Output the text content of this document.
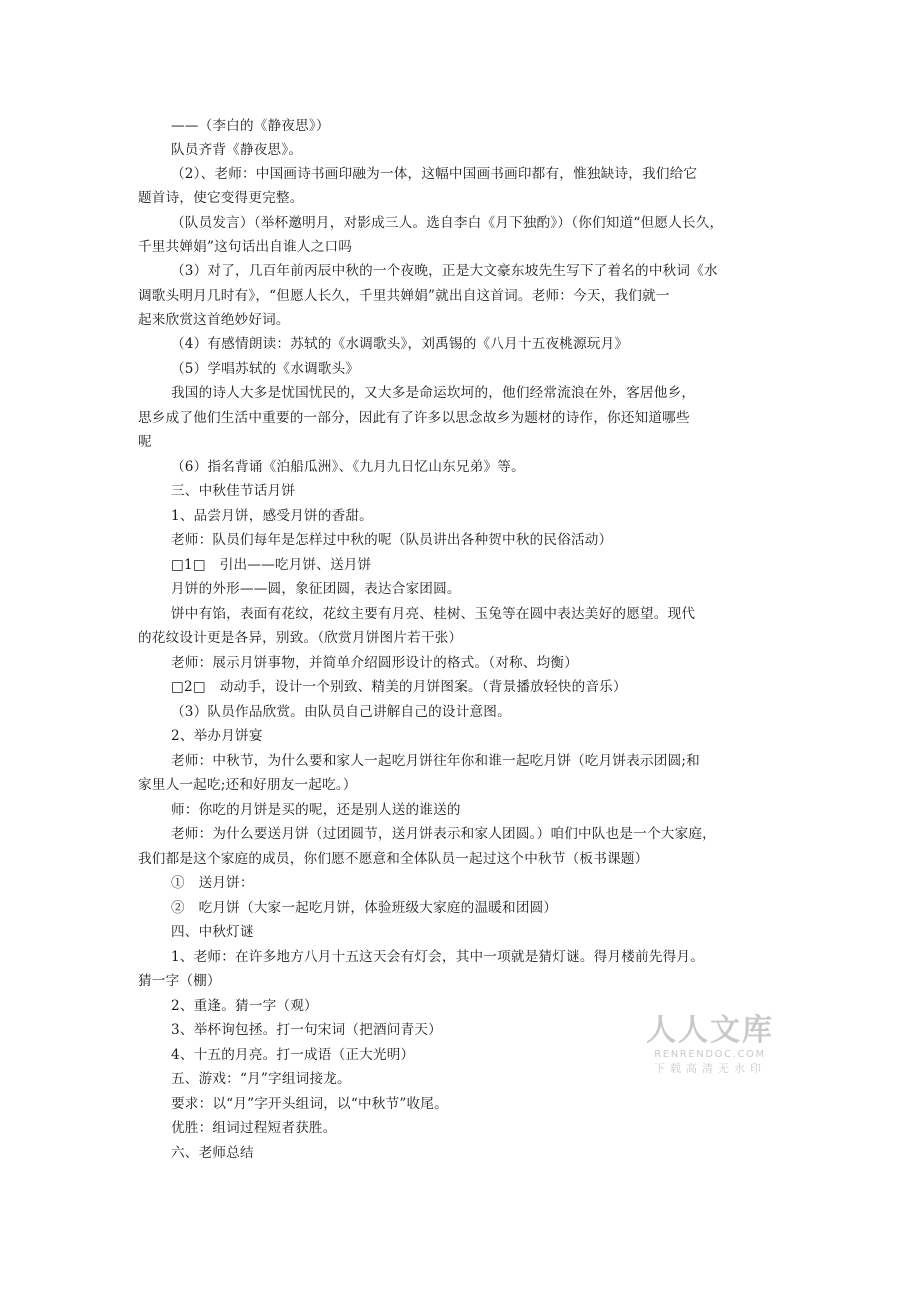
——（李白的《静夜思》）
队员齐背《静夜思》。
（2）、老师：中国画诗书画印融为一体，这幅中国画书画印都有，惟独缺诗，我们给它
题首诗，使它变得更完整。
（队员发言）（举杯邀明月，对影成三人。选自李白《月下独酌》）（你们知道“但愿人长久，
千里共婵娟”这句话出自谁人之口吗
（3）对了，几百年前丙辰中秋的一个夜晚，正是大文豪东坡先生写下了着名的中秋词《水
调歌头明月几时有》，“但愿人长久，千里共婵娟”就出自这首词。老师：今天，我们就一
起来欣赏这首绝妙好词。
（4）有感情朗读：苏轼的《水调歌头》，刘禹锡的《八月十五夜桃源玩月》
（5）学唱苏轼的《水调歌头》
我国的诗人大多是忧国忧民的，又大多是命运坎坷的，他们经常流浪在外，客居他乡，
思乡成了他们生活中重要的一部分，因此有了许多以思念故乡为题材的诗作，你还知道哪些
呢
（6）指名背诵《泊船瓜洲》、《九月九日忆山东兄弟》等。
三、中秋佳节话月饼
1、品尝月饼，感受月饼的香甜。
老师：队员们每年是怎样过中秋的呢（队员讲出各种贺中秋的民俗活动）
□1□　引出——吃月饼、送月饼
月饼的外形——圆，象征团圆，表达合家团圆。
饼中有馅，表面有花纹，花纹主要有月亮、桂树、玉兔等在圆中表达美好的愿望。现代
的花纹设计更是各异，别致。（欣赏月饼图片若干张）
老师：展示月饼事物，并简单介绍圆形设计的格式。（对称、均衡）
□2□　动动手，设计一个别致、精美的月饼图案。（背景播放轻快的音乐）
（3）队员作品欣赏。由队员自己讲解自己的设计意图。
2、举办月饼宴
老师：中秋节，为什么要和家人一起吃月饼往年你和谁一起吃月饼（吃月饼表示团圆;和
家里人一起吃;还和好朋友一起吃。）
师：你吃的月饼是买的呢，还是别人送的谁送的
老师：为什么要送月饼（过团圆节，送月饼表示和家人团圆。）咱们中队也是一个大家庭，
我们都是这个家庭的成员，你们愿不愿意和全体队员一起过这个中秋节（板书课题）
①　送月饼：
②　吃月饼（大家一起吃月饼，体验班级大家庭的温暖和团圆）
四、中秋灯谜
1、老师：在许多地方八月十五这天会有灯会，其中一项就是猜灯谜。得月楼前先得月。
猜一字（棚）
2、重逢。猜一字（观）
3、举杯询包拯。打一句宋词（把酒问青天）
4、十五的月亮。打一成语（正大光明）
五、游戏：“月”字组词接龙。
要求：以“月”字开头组词，以“中秋节”收尾。
优胜：组词过程短者获胜。
六、老师总结
人人文库
RENRENDOC.COM
下载高清无水印
